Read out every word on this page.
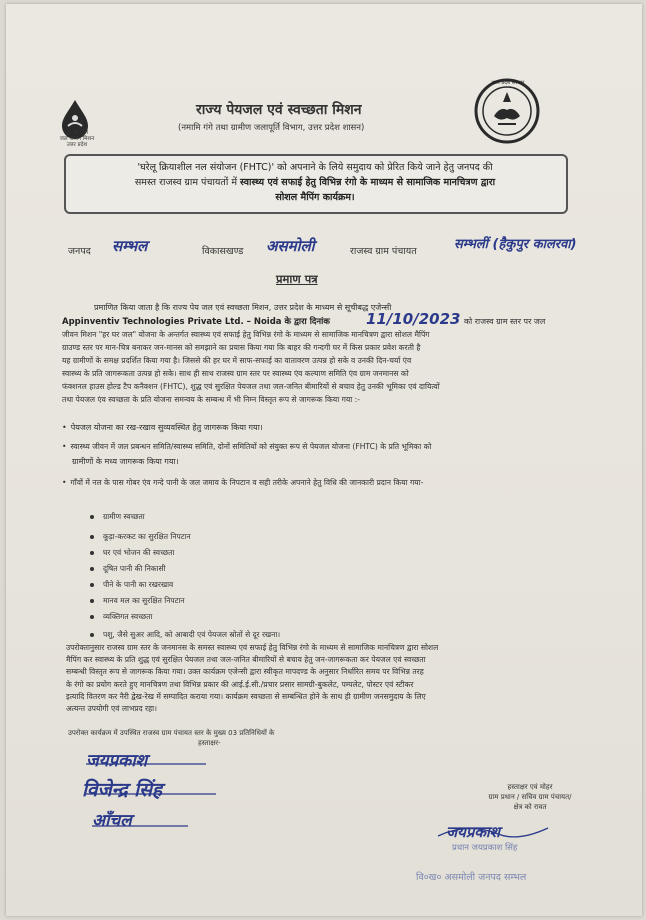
हर घर जल
जल जीवन मिशन
उत्तर प्रदेश
राज्य पेयजल एवं स्वच्छता मिशन
(नमामि गंगे तथा ग्रामीण जलापूर्ति विभाग, उत्तर प्रदेश शासन)
उत्तर प्रदेश सरकार
'घरेलू क्रियाशील नल संयोजन (FHTC)' को अपनाने के लिये समुदाय को प्रेरित किये जाने हेतु जनपद की
समस्त राजस्व ग्राम पंचायतों में स्वास्थ्य एवं सफाई हेतु विभिन्न रंगो के माध्यम से सामाजिक मानचित्रण द्वारा
सोशल मैपिंग कार्यक्रम।
जनपद सम्भल	विकासखण्ड असमोली	राजस्व ग्राम पंचायत	सम्भलीं (हैकुपुर कालरवा)
प्रमाण पत्र
प्रमाणित किया जाता है कि राज्य पेय जल एवं स्वच्छता मिशन, उत्तर प्रदेश के माध्यम से सूचीबद्ध एजेन्सी
Appinventiv Technologies Private Ltd. – Noida के द्वारा दिनांक	11/10/2023 को राजस्व ग्राम स्तर पर जल
जीवन मिशन "हर घर जल" योजना के अन्तर्गत स्वास्थ्य एवं सफाई हेतु विभिन्न रंगो के माध्यम से सामाजिक मानचित्रण द्वारा सोशल मैपिंग
ग्राउण्ड स्तर पर मान-चित्र बनाकर जन-मानस को समझाने का प्रयास किया गया कि बाहर की गन्दगी घर में किस प्रकार प्रवेश करती है
यह ग्रामीणों के समक्ष प्रदर्शित किया गया है। जिससे की हर घर में साफ-सफाई का वातावरण उत्पन्न हो सके व उनकी दिन-चर्या एंव
स्वास्थ्य के प्रति जागरूकता उत्पन्न हो सके। साथ ही साथ राजस्व ग्राम स्तर पर स्वास्थ्य एंव कल्याण समिति एंव ग्राम जनमानस को
फंक्शनल हाउस होल्ड टैप कनैक्शन (FHTC), शुद्ध एवं सुरक्षित पेयजल तथा जल-जनित बीमारियों से बचाव हेतु उनकी भूमिका एवं दायित्वों
तथा पेयजल एंव स्वच्छता के प्रति योजना समन्वय के सम्बन्ध में भी निम्न विस्तृत रूप से जागरूक किया गया :-
• पेयजल योजना का रख-रखाव सुव्यवस्थित हेतु जागरूक किया गया।
• स्वास्थ्य जीवन में जल प्रबन्धन समिति/स्वास्थ्य समिति, दोनों समितियों को संयुक्त रूप से पेयजल योजना (FHTC) के प्रति भूमिका को
ग्रामीणों के मध्य जागरूक किया गया।
• गाँवों में नल के पास गोबर एंव गन्दे पानी के जल जमाव के निपटान व सही तरीके अपनाने हेतु विधि की जानकारी प्रदान किया गया-
ग्रामीण स्वच्छता
कूड़ा-करकट का सुरक्षित निपटान
घर एवं भोजन की स्वच्छता
दूषित पानी की निकासी
पीने के पानी का रखरखाव
मानव मल का सुरक्षित निपटान
व्यक्तिगत स्वच्छता
पशु, जैसे सुअर आदि, को आबादी एवं पेयजल स्रोतों से दूर रखना।
उपरोक्तानुसार राजस्व ग्राम स्तर के जनमानस के समस्त स्वास्थ्य एवं सफाई हेतु विभिन्न रंगो के माध्यम से सामाजिक मानचित्रण द्वारा सोशल
मैपिंग कर स्वास्थ्य के प्रति शुद्ध एवं सुरक्षित पेयजल तथा जल-जनित बीमारियों से बचाव हेतु जन-जागरूकता कर पेयजल एवं स्वच्छता
सम्बन्धी विस्तृत रूप से जागरूक किया गया। उक्त कार्यक्रम एजेन्सी द्वारा स्वीकृत मापदण्ड के अनुसार निर्धारित समय पर विभिन्न तरह
के रंगो का प्रयोग करते हुए मानचित्रण तथा विभिन्न प्रकार की आई.ई.सी./प्रचार प्रसार सामग्री-बुकलेट, पम्पलेट, पोस्टर एवं स्टीकर
इत्यादि वितरण कर नैरी द्वेख-रेख में सम्पादित कराया गया। कार्यक्रम स्वच्छता से सम्बन्धित होने के साथ ही ग्रामीण जनसमुदाय के लिए
अत्यन्त उपयोगी एवं लाभप्रद रहा।
उपरोक्त कार्यक्रम में उपस्थित राजस्व ग्राम पंचायत स्तर के मुख्य 03 प्रतिनिधियों के
हस्ताक्षर-
जयप्रकाश
विजेन्द्र सिंह
आँचल
हस्ताक्षर एवं मोहर
ग्राम प्रधान / सचिव ग्राम पंचायत/
क्षेत्र को रावत
जयप्रकाश
प्रधान जयप्रकाश सिंह
वि०ख० असमोली जनपद सम्भल
